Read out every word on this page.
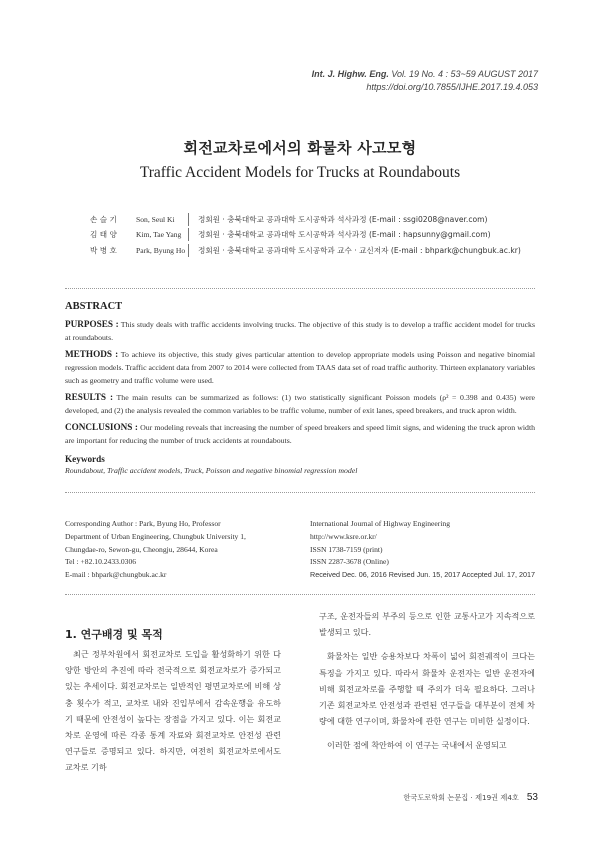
Int. J. Highw. Eng. Vol. 19 No. 4 : 53~59 AUGUST 2017
https://doi.org/10.7855/IJHE.2017.19.4.053
회전교차로에서의 화물차 사고모형
Traffic Accident Models for Trucks at Roundabouts
손 슬 기	Son, Seul Ki	정회원 · 충북대학교 공과대학 도시공학과 석사과정 (E-mail : ssgi0208@naver.com)
김 태 양	Kim, Tae Yang	정회원 · 충북대학교 공과대학 도시공학과 석사과정 (E-mail : hapsunny@gmail.com)
박 병 호	Park, Byung Ho 정회원 · 충북대학교 공과대학 도시공학과 교수 · 교신저자 (E-mail : bhpark@chungbuk.ac.kr)
ABSTRACT
PURPOSES : This study deals with traffic accidents involving trucks. The objective of this study is to develop a traffic accident model for trucks at roundabouts.
METHODS : To achieve its objective, this study gives particular attention to develop appropriate models using Poisson and negative binomial regression models. Traffic accident data from 2007 to 2014 were collected from TAAS data set of road traffic authority. Thirteen explanatory variables such as geometry and traffic volume were used.
RESULTS : The main results can be summarized as follows: (1) two statistically significant Poisson models (ρ² = 0.398 and 0.435) were developed, and (2) the analysis revealed the common variables to be traffic volume, number of exit lanes, speed breakers, and truck apron width.
CONCLUSIONS : Our modeling reveals that increasing the number of speed breakers and speed limit signs, and widening the truck apron width are important for reducing the number of truck accidents at roundabouts.
Keywords
Roundabout, Traffic accident models, Truck, Poisson and negative binomial regression model
Corresponding Author : Park, Byung Ho, Professor
Department of Urban Engineering, Chungbuk University 1,
Chungdae-ro, Sewon-gu, Cheongju, 28644, Korea
Tel : +82.10.2433.0306
E-mail : bhpark@chungbuk.ac.kr
International Journal of Highway Engineering
http://www.ksre.or.kr/
ISSN 1738-7159 (print)
ISSN 2287-3678 (Online)
Received Dec. 06, 2016 Revised Jun. 15, 2017 Accepted Jul. 17, 2017
1. 연구배경 및 목적

최근 정부차원에서 회전교차로 도입을 활성화하기 위한 다양한 방안의 추진에 따라 전국적으로 회전교차로가 증가되고 있는 추세이다. 회전교차로는 일반적인 평면교차로에 비해 상충 횟수가 적고, 교차로 내와 진입부에서 감속운행을 유도하기 때문에 안전성이 높다는 장점을 가지고 있다. 이는 회전교차로 운영에 따른 각종 통계 자료와 회전교차로 안전성 관련 연구들로 증명되고 있다. 하지만, 여전히 회전교차로에서도 교차로 기하

구조, 운전자들의 부주의 등으로 인한 교통사고가 지속적으로 발생되고 있다.

화물차는 일반 승용차보다 차폭이 넓어 회전궤적이 크다는 특징을 가지고 있다. 따라서 화물차 운전자는 일반 운전자에 비해 회전교차로를 주행할 때 주의가 더욱 필요하다. 그러나 기존 회전교차로 안전성과 관련된 연구들을 대부분이 전체 차량에 대한 연구이며, 화물차에 관한 연구는 미비한 실정이다.

이러한 점에 착안하여 이 연구는 국내에서 운영되고

한국도로학회 논문집 · 제19권 제4호 53
